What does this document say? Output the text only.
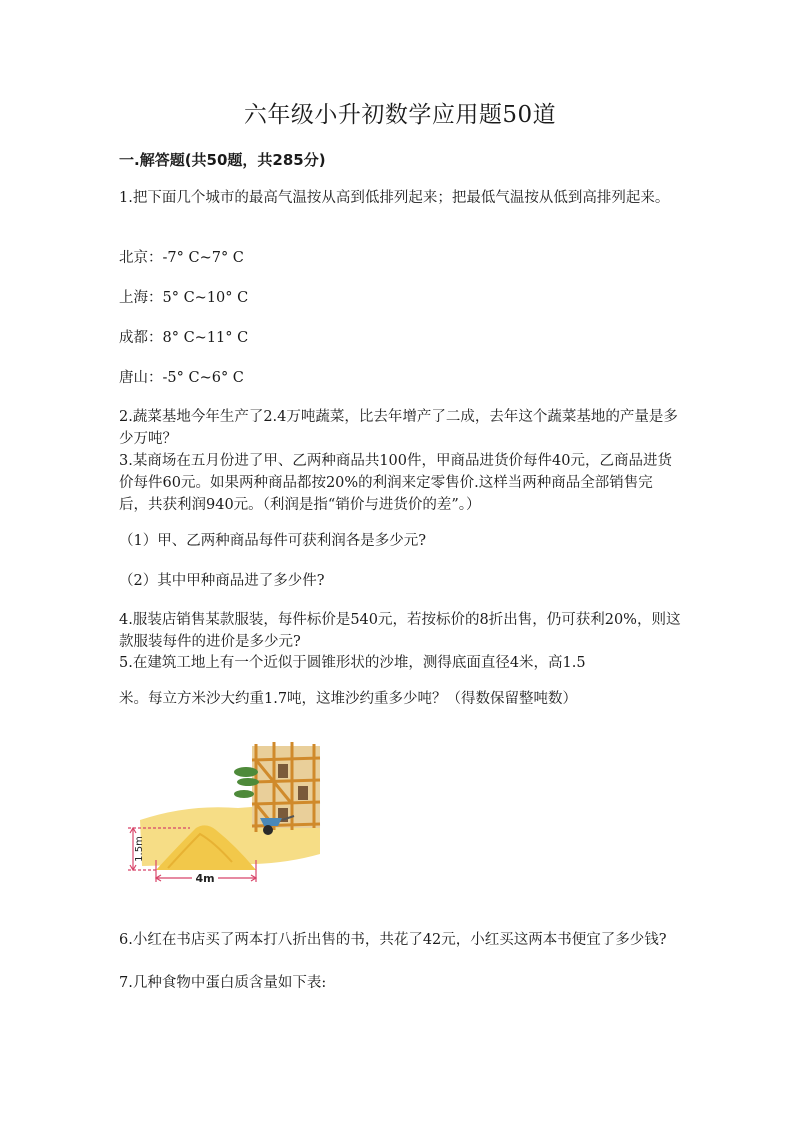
六年级小升初数学应用题50道
一.解答题(共50题，共285分)
1.把下面几个城市的最高气温按从高到低排列起来；把最低气温按从低到高排列起来。
北京：-7° C~7° C
上海：5° C~10° C
成都：8° C~11° C
唐山：-5° C~6° C
2.蔬菜基地今年生产了2.4万吨蔬菜，比去年增产了二成，去年这个蔬菜基地的产量是多少万吨？
3.某商场在五月份进了甲、乙两种商品共100件，甲商品进货价每件40元，乙商品进货价每件60元。如果两种商品都按20%的利润来定零售价.这样当两种商品全部销售完后，共获利润940元。（利润是指“销价与进货价的差”。）
（1）甲、乙两种商品每件可获利润各是多少元?
（2）其中甲种商品进了多少件?
4.服装店销售某款服装，每件标价是540元，若按标价的8折出售，仍可获利20%，则这款服装每件的进价是多少元?
5.在建筑工地上有一个近似于圆锥形状的沙堆，测得底面直径4米，高1.5
米。每立方米沙大约重1.7吨，这堆沙约重多少吨？（得数保留整吨数）
1.5m
4m
6.小红在书店买了两本打八折出售的书，共花了42元，小红买这两本书便宜了多少钱?
7.几种食物中蛋白质含量如下表:
